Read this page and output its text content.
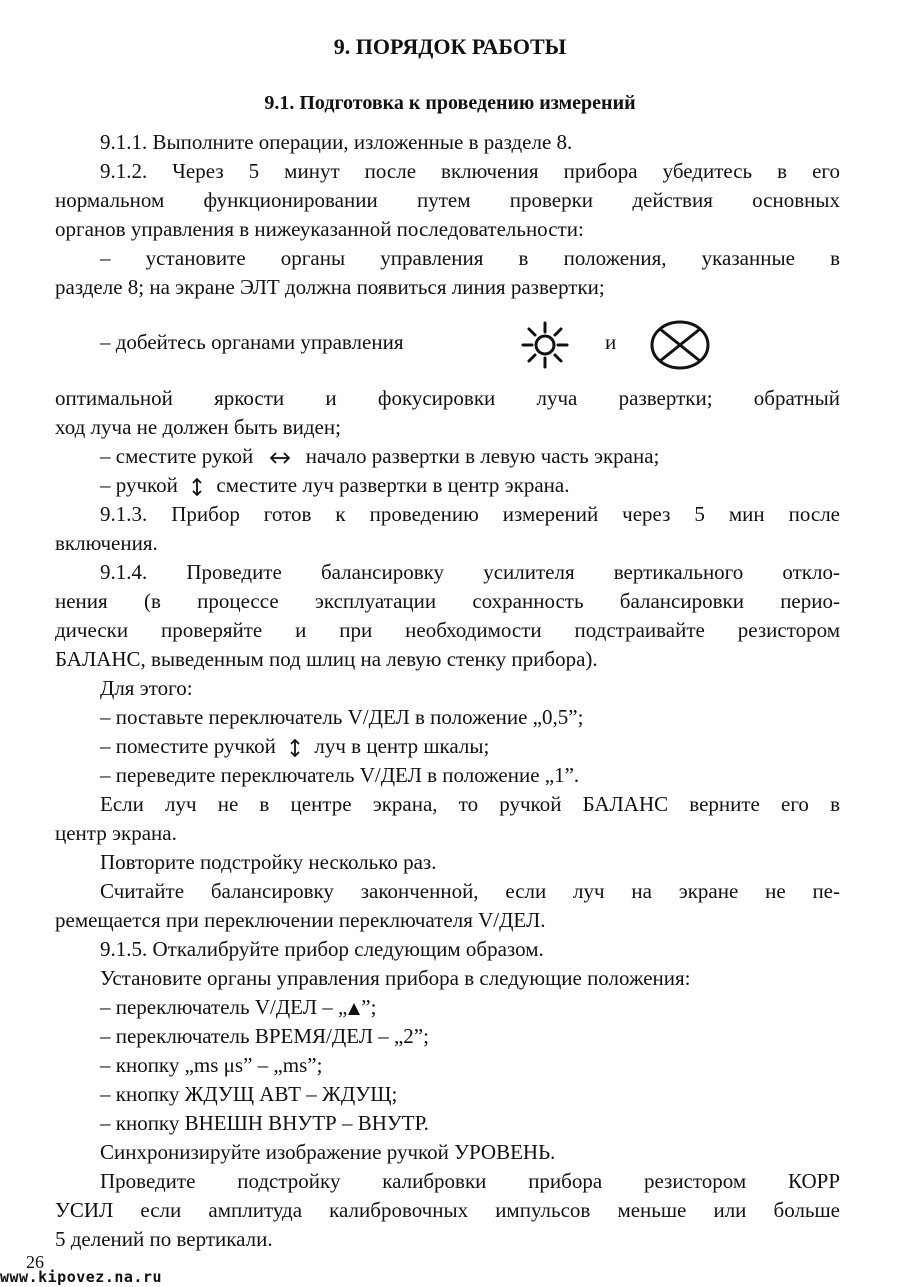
9. ПОРЯДОК РАБОТЫ
9.1. Подготовка к проведению измерений
9.1.1. Выполните операции, изложенные в разделе 8.
9.1.2. Через 5 минут после включения прибора убедитесь в его
нормальном функционировании путем проверки действия основных
органов управления в нижеуказанной последовательности:
– установите органы управления в положения, указанные в
разделе 8; на экране ЭЛТ должна появиться линия развертки;
– добейтесь органами управления	и
оптимальной яркости и фокусировки луча развертки; обратный
ход луча не должен быть виден;
– сместите рукой	начало развертки в левую часть экрана;
– ручкой сместите луч развертки в центр экрана.
9.1.3. Прибор готов к проведению измерений через 5 мин после
включения.
9.1.4. Проведите балансировку усилителя вертикального откло-
нения (в процессе эксплуатации сохранность балансировки перио-
дически проверяйте и при необходимости подстраивайте резистором
БАЛАНС, выведенным под шлиц на левую стенку прибора).
Для этого:
– поставьте переключатель V/ДЕЛ в положение „0,5”;
– поместите ручкой луч в центр шкалы;
– переведите переключатель V/ДЕЛ в положение „1”.
Если луч не в центре экрана, то ручкой БАЛАНС верните его в
центр экрана.
Повторите подстройку несколько раз.
Считайте балансировку законченной, если луч на экране не пе-
ремещается при переключении переключателя V/ДЕЛ.
9.1.5. Откалибруйте прибор следующим образом.
Установите органы управления прибора в следующие положения:
– переключатель V/ДЕЛ – „ ”;
– переключатель ВРЕМЯ/ДЕЛ – „2”;
– кнопку „ms μs” – „ms”;
– кнопку ЖДУЩ АВТ – ЖДУЩ;
– кнопку ВНЕШН ВНУТР – ВНУТР.
Синхронизируйте изображение ручкой УРОВЕНЬ.
Проведите подстройку калибровки прибора резистором КОРР
УСИЛ если амплитуда калибровочных импульсов меньше или больше
5 делений по вертикали.
26
www.kipovez.na.ru
